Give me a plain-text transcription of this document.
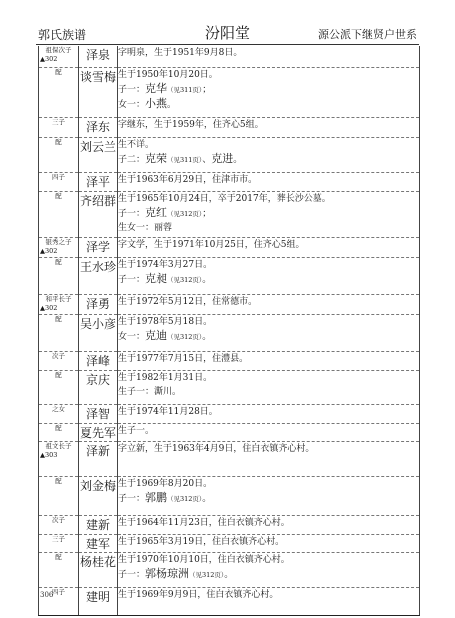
郭氏族谱	汾阳堂	源公派下继贤户世系
祖保次子
▲302	泽泉	字明泉，生于1951年9月8日。

配	谈雪梅	生于1950年10月20日。
子一：克华（见311页）；
女一：小燕。

三子	泽东	字继东，生于1959年，住齐心5组。

配	刘云兰	生不详。
子二：克荣（见311页）、克进。

四子	泽平	生于1963年6月29日，住津市市。

配	齐绍群	生于1965年10月24日，卒于2017年，葬长沙公墓。
子一：克红（见312页）；
生女一：丽蓉

银秀之子
▲302	泽学	字文学，生于1971年10月25日，住齐心5组。

配	王水珍	生于1974年3月27日。
子一：克昶（见312页）。

和平长子
▲302	泽勇	生于1972年5月12日，住常德市。

配	吴小彦	生于1978年5月18日。
女一：克迪（见312页）。

次子	泽峰	生于1977年7月15日，住澧县。

配	京庆	生于1982年1月31日。
生子一：澌川。

之女	泽智	生于1974年11月28日。

配	夏先军	生子一。

祖文长子
▲303	泽新	字立新，生于1963年4月9日，住白衣镇齐心村。

配	刘金梅	生于1969年8月20日。
子一：郭鹏（见312页）。

次子	建新	生于1964年11月23日，住白衣镇齐心村。

三子	建军	生于1965年3月19日，住白衣镇齐心村。

配	杨桂花	生于1970年10月10日，住白衣镇齐心村。
子一：郭杨琼洲（见312页）。

四子	建明	生于1969年9月9日，住白衣镇齐心村。
306
